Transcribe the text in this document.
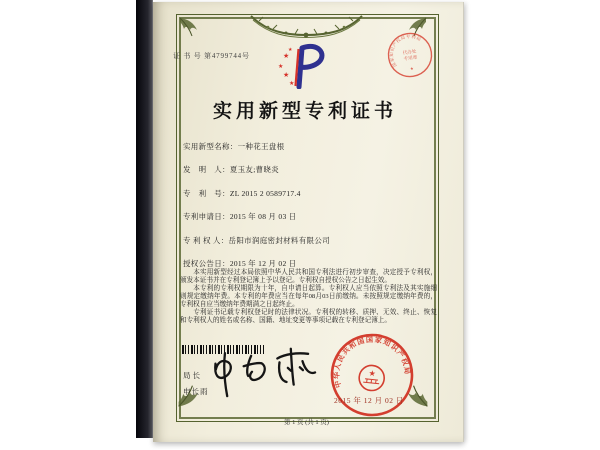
证 书 号 第4799744号	★
★
★
★
★
国家知识产权局专利局
代办处
专用章
★
实用新型专利证书
实用新型名称：一种花王盘根
发　明　人：夏玉友;曹晓炎
专　利　号：ZL 2015 2 0589717.4
专利申请日：2015 年 08 月 03 日
专 利 权 人：岳阳市润庭密封材料有限公司
授权公告日：2015 年 12 月 02 日

本实用新型经过本局依照中华人民共和国专利法进行初步审查，决定授予专利权，颁发本证书并在专利登记簿上予以登记。专利权自授权公告之日起生效。

本专利的专利权期限为十年，自申请日起算。专利权人应当依照专利法及其实施细则规定缴纳年费。本专利的年费应当在每年08月03日前缴纳。未按照规定缴纳年费的，专利权自应当缴纳年费期满之日起终止。

专利证书记载专利权登记时的法律状况。专利权的转移、质押、无效、终止、恢复和专利权人的姓名或名称、国籍、地址变更等事项记载在专利登记簿上。

局长
申长雨
中华人民共和国国家知识产权局
★
2015 年 12 月 02 日
第 1 页 (共 1 页)
